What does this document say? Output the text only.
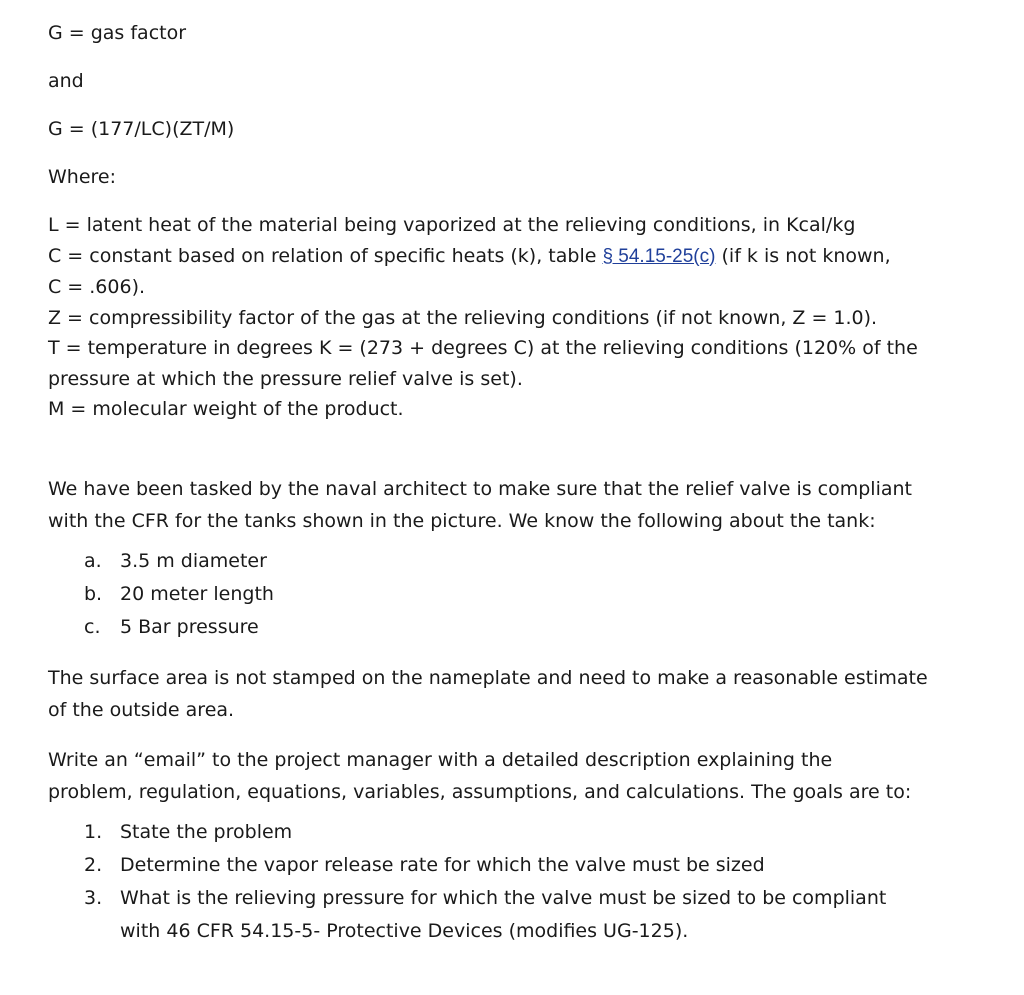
G = gas factor

and

G = (177/LC)(ZT/M)

Where:

L = latent heat of the material being vaporized at the relieving conditions, in Kcal/kg

C = constant based on relation of specific heats (k), table § 54.15-25(c) (if k is not known,

C = .606).

Z = compressibility factor of the gas at the relieving conditions (if not known, Z = 1.0).

T = temperature in degrees K = (273 + degrees C) at the relieving conditions (120% of the

pressure at which the pressure relief valve is set).

M = molecular weight of the product.

We have been tasked by the naval architect to make sure that the relief valve is compliant

with the CFR for the tanks shown in the picture. We know the following about the tank:

a. 3.5 m diameter
b. 20 meter length
c. 5 Bar pressure

The surface area is not stamped on the nameplate and need to make a reasonable estimate

of the outside area.

Write an “email” to the project manager with a detailed description explaining the

problem, regulation, equations, variables, assumptions, and calculations. The goals are to:

1. State the problem
2. Determine the vapor release rate for which the valve must be sized
3. What is the relieving pressure for which the valve must be sized to be compliant
with 46 CFR 54.15-5- Protective Devices (modifies UG-125).
